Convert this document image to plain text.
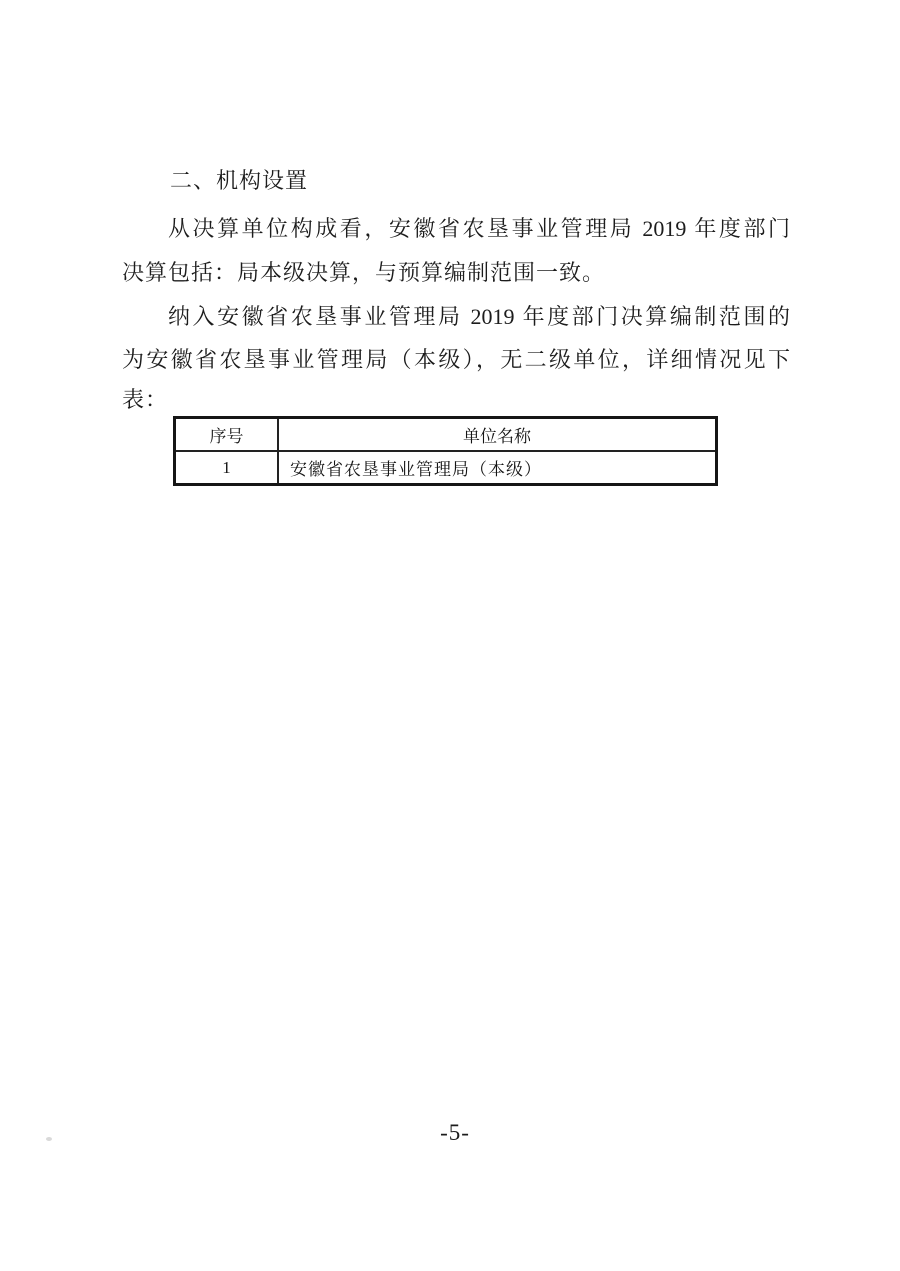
二、机构设置
从决算单位构成看，安徽省农垦事业管理局 2019 年度部门
决算包括：局本级决算，与预算编制范围一致。
纳入安徽省农垦事业管理局 2019 年度部门决算编制范围的
为安徽省农垦事业管理局（本级），无二级单位，详细情况见下
表：
序号	单位名称
1	安徽省农垦事业管理局（本级）
-5-
